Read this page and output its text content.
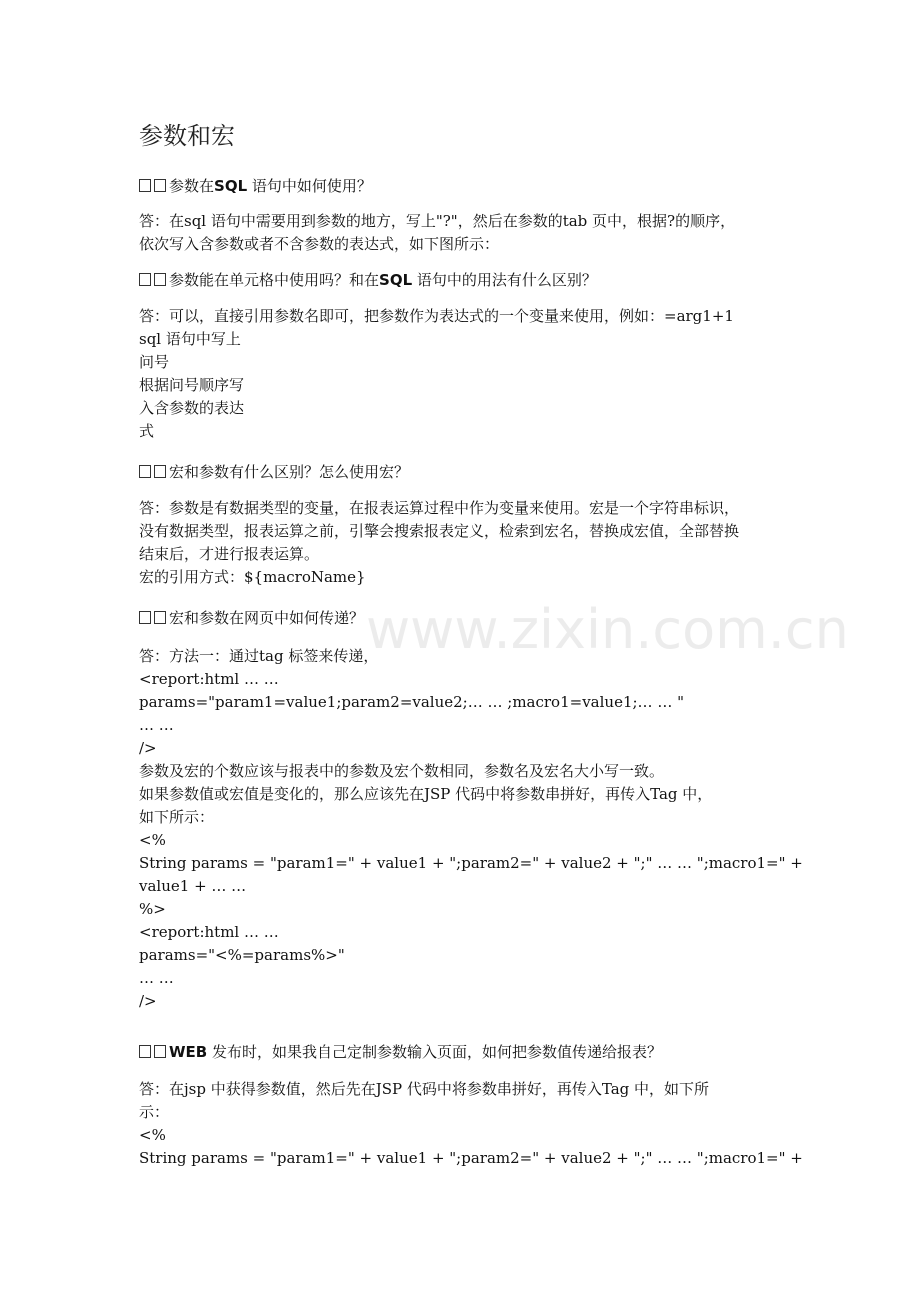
www.zixin.com.cn
参数和宏
参数在SQL 语句中如何使用？
答：在sql 语句中需要用到参数的地方，写上"?"，然后在参数的tab 页中，根据?的顺序，
依次写入含参数或者不含参数的表达式，如下图所示：
参数能在单元格中使用吗？和在SQL 语句中的用法有什么区别？
答：可以，直接引用参数名即可，把参数作为表达式的一个变量来使用，例如：=arg1+1
sql 语句中写上
问号
根据问号顺序写
入含参数的表达
式
宏和参数有什么区别？怎么使用宏？
答：参数是有数据类型的变量，在报表运算过程中作为变量来使用。宏是一个字符串标识，
没有数据类型，报表运算之前，引擎会搜索报表定义，检索到宏名，替换成宏值，全部替换
结束后，才进行报表运算。
宏的引用方式：${macroName}
宏和参数在网页中如何传递？
答：方法一：通过tag 标签来传递，
<report:html … …
params="param1=value1;param2=value2;… … ;macro1=value1;… … "
… …
/>
参数及宏的个数应该与报表中的参数及宏个数相同，参数名及宏名大小写一致。
如果参数值或宏值是变化的，那么应该先在JSP 代码中将参数串拼好，再传入Tag 中，
如下所示：
<%
String params = "param1=" + value1 + ";param2=" + value2 + ";" … … ";macro1=" +
value1 + … …
%>
<report:html … …
params="<%=params%>"
… …
/>
WEB 发布时，如果我自己定制参数输入页面，如何把参数值传递给报表？
答：在jsp 中获得参数值，然后先在JSP 代码中将参数串拼好，再传入Tag 中，如下所
示：
<%
String params = "param1=" + value1 + ";param2=" + value2 + ";" … … ";macro1=" +
